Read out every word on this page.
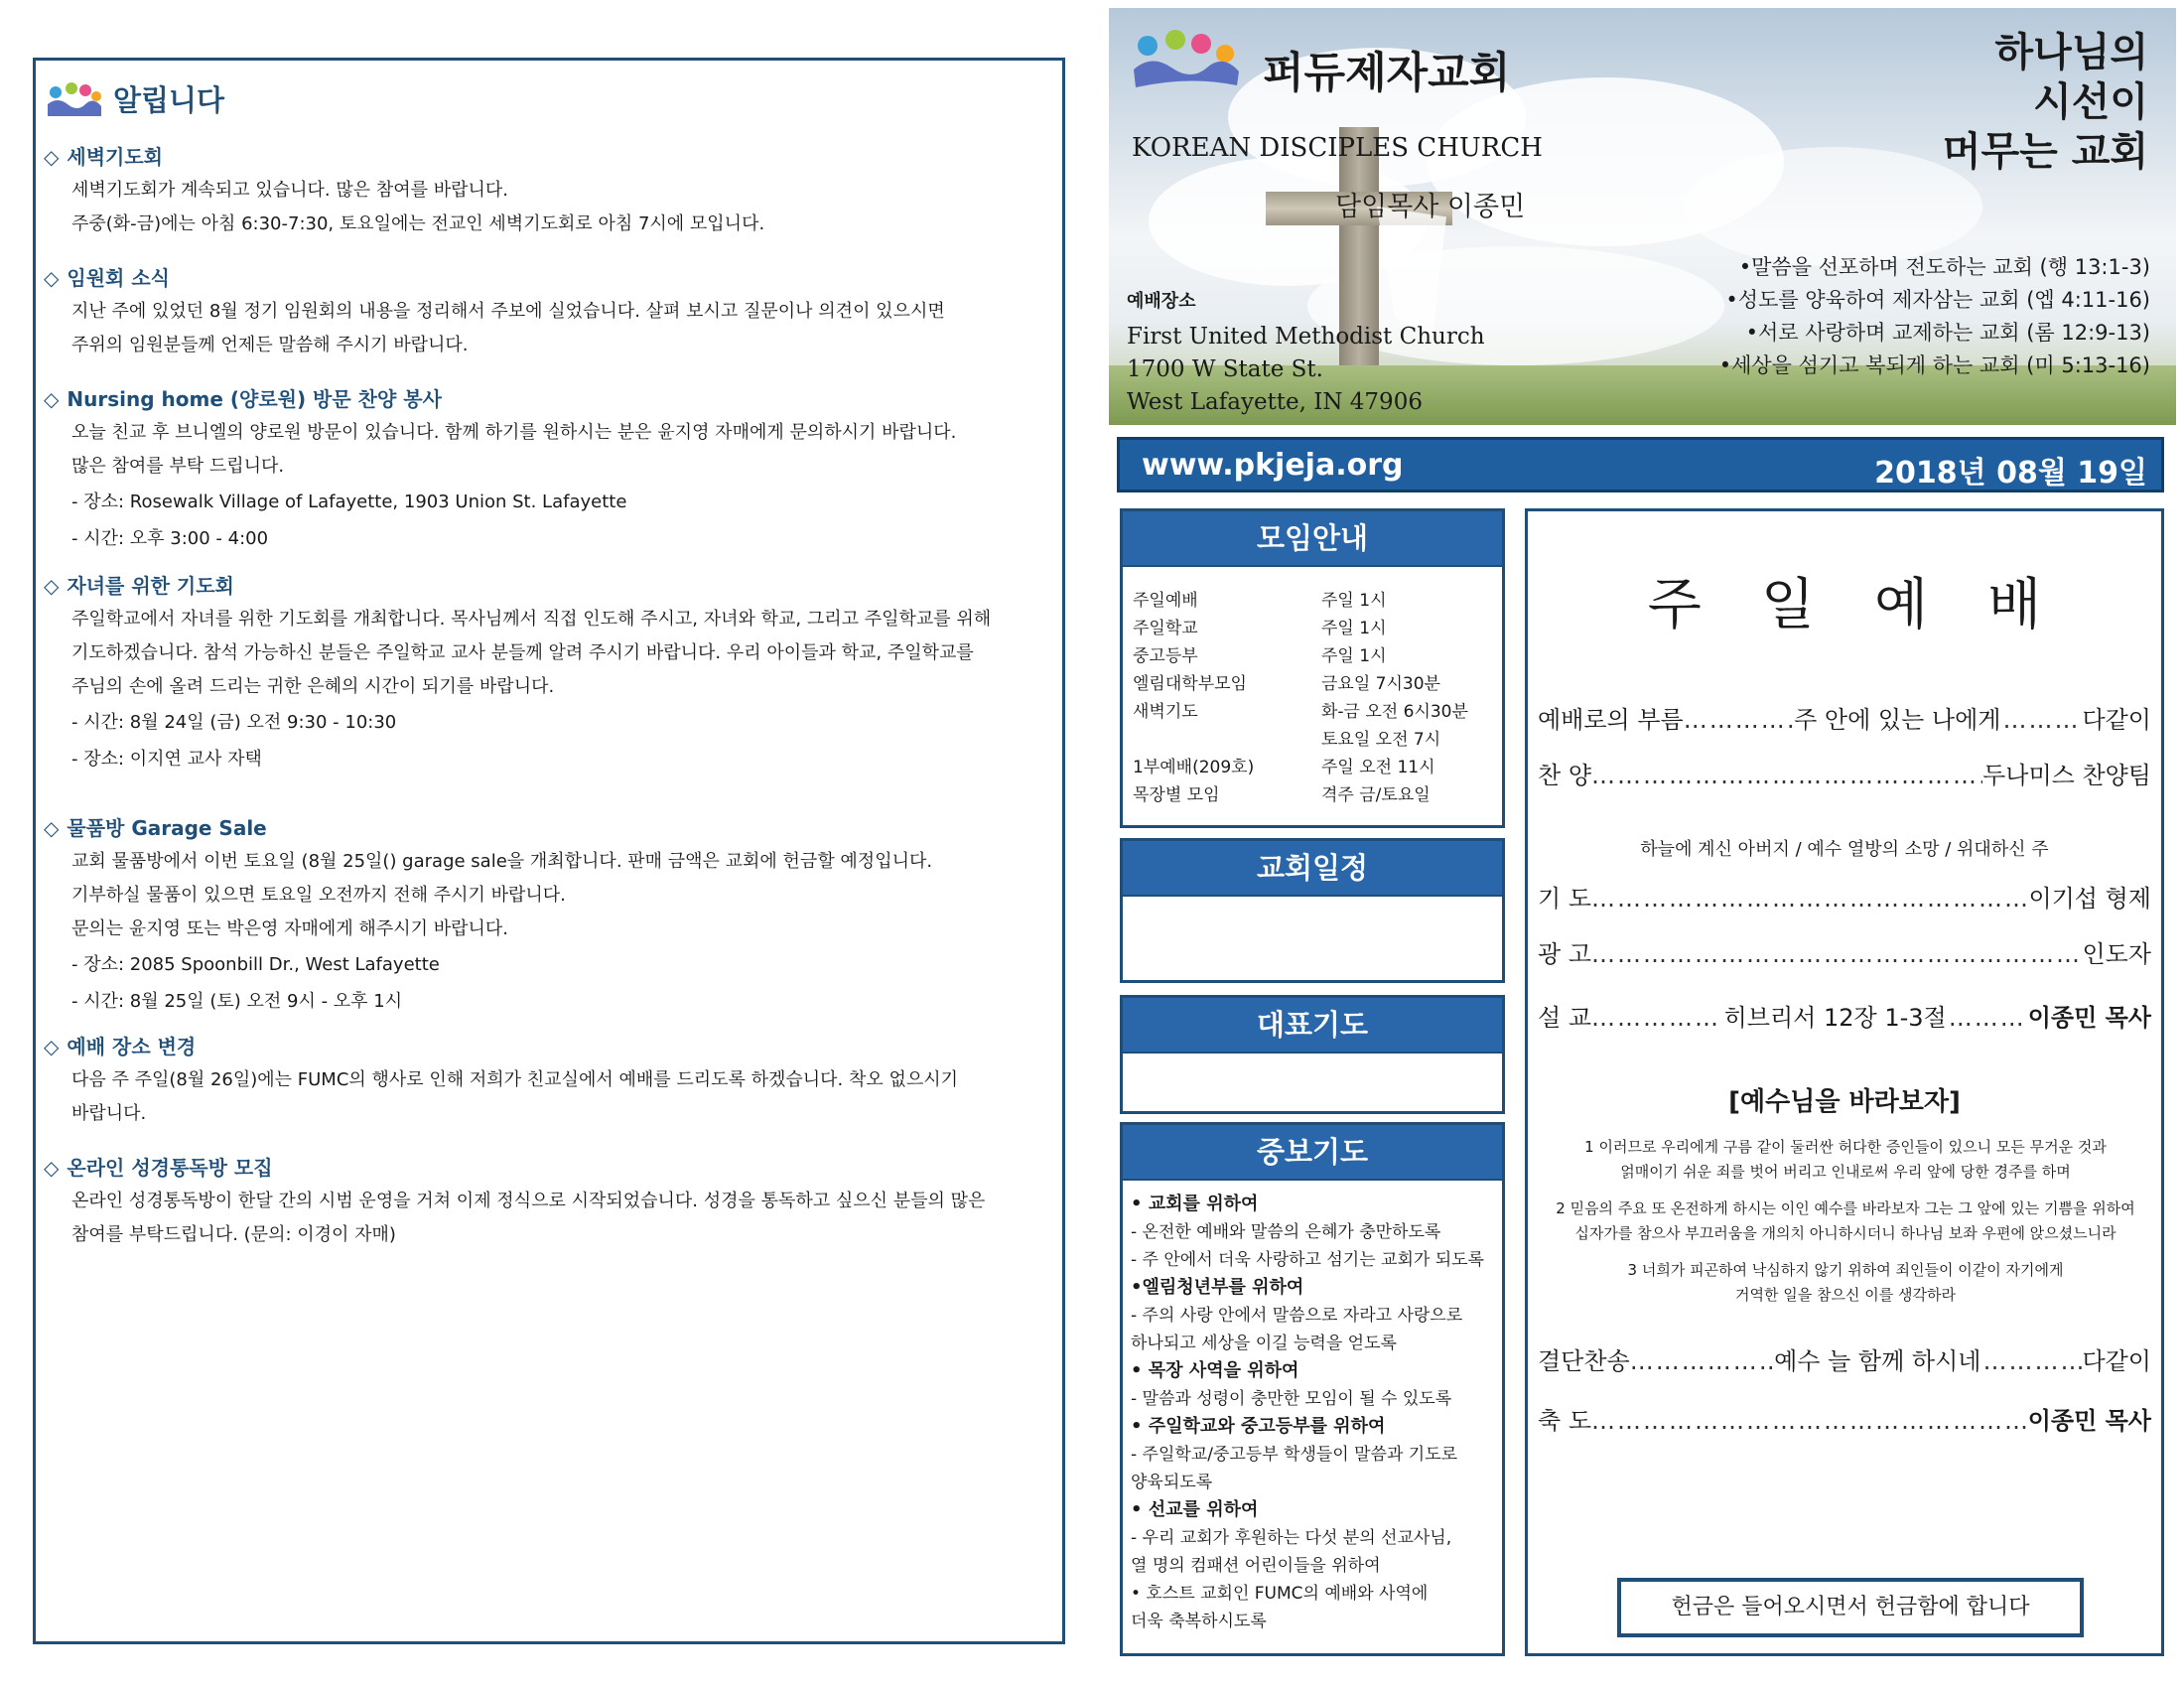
알립니다
◇ 세벽기도회
세벽기도회가 계속되고 있습니다. 많은 참여를 바랍니다.
주중(화-금)에는 아침 6:30-7:30, 토요일에는 전교인 세벽기도회로 아침 7시에 모입니다.
◇ 임원회 소식
지난 주에 있었던 8월 정기 임원회의 내용을 정리해서 주보에 실었습니다. 살펴 보시고 질문이나 의견이 있으시면
주위의 임원분들께 언제든 말씀해 주시기 바랍니다.
◇ Nursing home (양로원) 방문 찬양 봉사
오늘 친교 후 브니엘의 양로원 방문이 있습니다. 함께 하기를 원하시는 분은 윤지영 자매에게 문의하시기 바랍니다.
많은 참여를 부탁 드립니다.
- 장소: Rosewalk Village of Lafayette, 1903 Union St. Lafayette
- 시간: 오후 3:00 - 4:00
◇ 자녀를 위한 기도회
주일학교에서 자녀를 위한 기도회를 개최합니다. 목사님께서 직접 인도해 주시고, 자녀와 학교, 그리고 주일학교를 위해
기도하겠습니다. 참석 가능하신 분들은 주일학교 교사 분들께 알려 주시기 바랍니다. 우리 아이들과 학교, 주일학교를
주님의 손에 올려 드리는 귀한 은혜의 시간이 되기를 바랍니다.
- 시간: 8월 24일 (금) 오전 9:30 - 10:30
- 장소: 이지연 교사 자택
◇ 물품방 Garage Sale
교회 물품방에서 이번 토요일 (8월 25일() garage sale을 개최합니다. 판매 금액은 교회에 헌금할 예정입니다.
기부하실 물품이 있으면 토요일 오전까지 전해 주시기 바랍니다.
문의는 윤지영 또는 박은영 자매에게 해주시기 바랍니다.
- 장소: 2085 Spoonbill Dr., West Lafayette
- 시간: 8월 25일 (토) 오전 9시 - 오후 1시
◇ 예배 장소 변경
다음 주 주일(8월 26일)에는 FUMC의 행사로 인해 저희가 친교실에서 예배를 드리도록 하겠습니다. 착오 없으시기
바랍니다.
◇ 온라인 성경통독방 모집
온라인 성경통독방이 한달 간의 시범 운영을 거쳐 이제 정식으로 시작되었습니다. 성경을 통독하고 싶으신 분들의 많은
참여를 부탁드립니다. (문의: 이경이 자매)
퍼듀제자교회
KOREAN DISCIPLES CHURCH
담임목사 이종민
하나님의
시선이
머무는 교회
예배장소
First United Methodist Church
1700 W State St.
West Lafayette, IN 47906
•말씀을 선포하며 전도하는 교회 (행 13:1-3)
•성도를 양육하여 제자삼는 교회 (엡 4:11-16)
•서로 사랑하며 교제하는 교회 (롬 12:9-13)
•세상을 섬기고 복되게 하는 교회 (미 5:13-16)
www.pkjeja.org	2018년 08월 19일
모임안내
주일예배	주일 1시
주일학교	주일 1시
중고등부	주일 1시
엘림대학부모임	금요일 7시30분
새벽기도	화-금 오전 6시30분
토요일 오전 7시
1부예배(209호)	주일 오전 11시
목장별 모임	격주 금/토요일
교회일정
대표기도
중보기도
• 교회를 위하여
- 온전한 예배와 말씀의 은혜가 충만하도록
- 주 안에서 더욱 사랑하고 섬기는 교회가 되도록
•엘림청년부를 위하여
- 주의 사랑 안에서 말씀으로 자라고 사랑으로
하나되고 세상을 이길 능력을 얻도록
• 목장 사역을 위하여
- 말씀과 성령이 충만한 모임이 될 수 있도록
• 주일학교와 중고등부를 위하여
- 주일학교/중고등부 학생들이 말씀과 기도로
양육되도록
• 선교를 위하여
- 우리 교회가 후원하는 다섯 분의 선교사님,
열 명의 컴패션 어린이들을 위하여
• 호스트 교회인 FUMC의 예배와 사역에
더욱 축복하시도록
주일예배
예배로의 부름 ………………………………………………………………………………………………………	주 안에 있는 나에게 ………………………………………………………………………………………………………	다같이
찬 양 ………………………………………………………………………………………………………	두나미스 찬양팀
기 도 ………………………………………………………………………………………………………	이기섭 형제
광 고 ………………………………………………………………………………………………………	인도자
설 교 ………………………………………………………………………………………………………	히브리서 12장 1-3절 ………………………………………………………………………………………………………	이종민 목사
결단찬송 ………………………………………………………………………………………………………	예수 늘 함께 하시네 ………………………………………………………………………………………………………	다같이
축 도 ………………………………………………………………………………………………………	이종민 목사
하늘에 계신 아버지 / 예수 열방의 소망 / 위대하신 주
[예수님을 바라보자]
1 이러므로 우리에게 구름 같이 둘러싼 허다한 증인들이 있으니 모든 무거운 것과
얽매이기 쉬운 죄를 벗어 버리고 인내로써 우리 앞에 당한 경주를 하며
2 믿음의 주요 또 온전하게 하시는 이인 예수를 바라보자 그는 그 앞에 있는 기쁨을 위하여
십자가를 참으사 부끄러움을 개의치 아니하시더니 하나님 보좌 우편에 앉으셨느니라
3 너희가 피곤하여 낙심하지 않기 위하여 죄인들이 이같이 자기에게
거역한 일을 참으신 이를 생각하라
헌금은 들어오시면서 헌금함에 합니다
